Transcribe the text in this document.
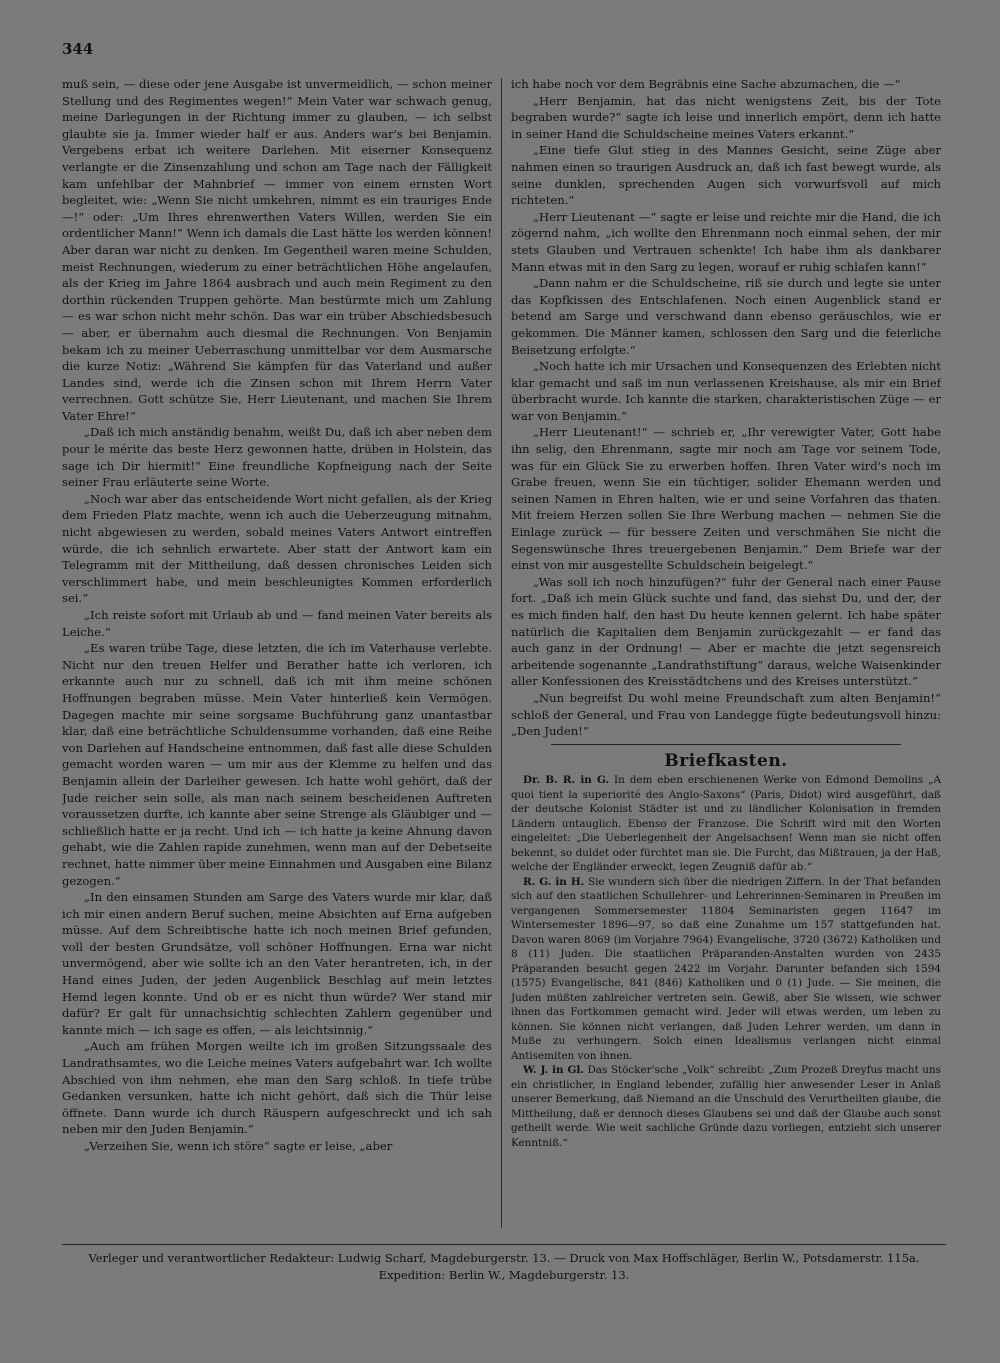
344

muß sein, — diese oder jene Ausgabe ist unvermeidlich, — schon meiner Stellung und des Regimentes wegen!“ Mein Vater war schwach genug, meine Darlegungen in der Richtung immer zu glauben, — ich selbst glaubte sie ja. Immer wieder half er aus. Anders war's bei Benjamin. Vergebens erbat ich weitere Darlehen. Mit eiserner Konsequenz verlangte er die Zinsenzahlung und schon am Tage nach der Fälligkeit kam unfehlbar der Mahnbrief — immer von einem ernsten Wort begleitet, wie: „Wenn Sie nicht umkehren, nimmt es ein trauriges Ende —!“ oder: „Um Ihres ehrenwerthen Vaters Willen, werden Sie ein ordentlicher Mann!“ Wenn ich damals die Last hätte los werden können! Aber daran war nicht zu denken. Im Gegentheil waren meine Schulden, meist Rechnungen, wiederum zu einer beträchtlichen Höhe angelaufen, als der Krieg im Jahre 1864 ausbrach und auch mein Regiment zu den dorthin rückenden Truppen gehörte. Man bestürmte mich um Zahlung — es war schon nicht mehr schön. Das war ein trüber Abschiedsbesuch — aber, er übernahm auch diesmal die Rechnungen. Von Benjamin bekam ich zu meiner Ueberraschung unmittelbar vor dem Ausmarsche die kurze Notiz: „Während Sie kämpfen für das Vaterland und außer Landes sind, werde ich die Zinsen schon mit Ihrem Herrn Vater verrechnen. Gott schütze Sie, Herr Lieutenant, und machen Sie Ihrem Vater Ehre!“

„Daß ich mich anständig benahm, weißt Du, daß ich aber neben dem pour le mérite das beste Herz gewonnen hatte, drüben in Holstein, das sage ich Dir hiermit!“ Eine freundliche Kopfneigung nach der Seite seiner Frau erläuterte seine Worte.

„Noch war aber das entscheidende Wort nicht gefallen, als der Krieg dem Frieden Platz machte, wenn ich auch die Ueberzeugung mitnahm, nicht abgewiesen zu werden, sobald meines Vaters Antwort eintreffen würde, die ich sehnlich erwartete. Aber statt der Antwort kam ein Telegramm mit der Mittheilung, daß dessen chronisches Leiden sich verschlimmert habe, und mein beschleunigtes Kommen erforderlich sei.“

„Ich reiste sofort mit Urlaub ab und — fand meinen Vater bereits als Leiche.“

„Es waren trübe Tage, diese letzten, die ich im Vaterhause verlebte. Nicht nur den treuen Helfer und Berather hatte ich verloren, ich erkannte auch nur zu schnell, daß ich mit ihm meine schönen Hoffnungen begraben müsse. Mein Vater hinterließ kein Vermögen. Dagegen machte mir seine sorgsame Buchführung ganz unantastbar klar, daß eine beträchtliche Schuldensumme vorhanden, daß eine Reihe von Darlehen auf Handscheine entnommen, daß fast alle diese Schulden gemacht worden waren — um mir aus der Klemme zu helfen und das Benjamin allein der Darleiher gewesen. Ich hatte wohl gehört, daß der Jude reicher sein solle, als man nach seinem bescheidenen Auftreten voraussetzen durfte, ich kannte aber seine Strenge als Gläubiger und — schließlich hatte er ja recht. Und ich — ich hatte ja keine Ahnung davon gehabt, wie die Zahlen rapide zunehmen, wenn man auf der Debetseite rechnet, hatte nimmer über meine Einnahmen und Ausgaben eine Bilanz gezogen.“

„In den einsamen Stunden am Sarge des Vaters wurde mir klar, daß ich mir einen andern Beruf suchen, meine Absichten auf Erna aufgeben müsse. Auf dem Schreibtische hatte ich noch meinen Brief gefunden, voll der besten Grundsätze, voll schöner Hoffnungen. Erna war nicht unvermögend, aber wie sollte ich an den Vater herantreten, ich, in der Hand eines Juden, der jeden Augenblick Beschlag auf mein letztes Hemd legen konnte. Und ob er es nicht thun würde? Wer stand mir dafür? Er galt für unnachsichtig schlechten Zahlern gegenüber und kannte mich — ich sage es offen, — als leichtsinnig.“

„Auch am frühen Morgen weilte ich im großen Sitzungssaale des Landrathsamtes, wo die Leiche meines Vaters aufgebahrt war. Ich wollte Abschied von ihm nehmen, ehe man den Sarg schloß. In tiefe trübe Gedanken versunken, hatte ich nicht gehört, daß sich die Thür leise öffnete. Dann wurde ich durch Räuspern aufgeschreckt und ich sah neben mir den Juden Benjamin.“

„Verzeihen Sie, wenn ich störe“ sagte er leise, „aber

ich habe noch vor dem Begräbnis eine Sache abzumachen, die —“

„Herr Benjamin, hat das nicht wenigstens Zeit, bis der Tote begraben wurde?“ sagte ich leise und innerlich empört, denn ich hatte in seiner Hand die Schuldscheine meines Vaters erkannt.“

„Eine tiefe Glut stieg in des Mannes Gesicht, seine Züge aber nahmen einen so traurigen Ausdruck an, daß ich fast bewegt wurde, als seine dunklen, sprechenden Augen sich vorwurfsvoll auf mich richteten.“

„Herr Lieutenant —“ sagte er leise und reichte mir die Hand, die ich zögernd nahm, „ich wollte den Ehrenmann noch einmal sehen, der mir stets Glauben und Vertrauen schenkte! Ich habe ihm als dankbarer Mann etwas mit in den Sarg zu legen, worauf er ruhig schlafen kann!“

„Dann nahm er die Schuldscheine, riß sie durch und legte sie unter das Kopfkissen des Entschlafenen. Noch einen Augenblick stand er betend am Sarge und verschwand dann ebenso geräuschlos, wie er gekommen. Die Männer kamen, schlossen den Sarg und die feierliche Beisetzung erfolgte.“

„Noch hatte ich mir Ursachen und Konsequenzen des Erlebten nicht klar gemacht und saß im nun verlassenen Kreishause, als mir ein Brief überbracht wurde. Ich kannte die starken, charakteristischen Züge — er war von Benjamin.“

„Herr Lieutenant!“ — schrieb er, „Ihr verewigter Vater, Gott habe ihn selig, den Ehrenmann, sagte mir noch am Tage vor seinem Tode, was für ein Glück Sie zu erwerben hoffen. Ihren Vater wird's noch im Grabe freuen, wenn Sie ein tüchtiger, solider Ehemann werden und seinen Namen in Ehren halten, wie er und seine Vorfahren das thaten. Mit freiem Herzen sollen Sie Ihre Werbung machen — nehmen Sie die Einlage zurück — für bessere Zeiten und verschmähen Sie nicht die Segenswünsche Ihres treuergebenen Benjamin.“ Dem Briefe war der einst von mir ausgestellte Schuldschein beigelegt.“

„Was soll ich noch hinzufügen?“ fuhr der General nach einer Pause fort. „Daß ich mein Glück suchte und fand, das siehst Du, und der, der es mich finden half, den hast Du heute kennen gelernt. Ich habe später natürlich die Kapitalien dem Benjamin zurückgezahlt — er fand das auch ganz in der Ordnung! — Aber er machte die jetzt segensreich arbeitende sogenannte „Landrathstiftung“ daraus, welche Waisenkinder aller Konfessionen des Kreisstädtchens und des Kreises unterstützt.“

„Nun begreifst Du wohl meine Freundschaft zum alten Benjamin!“ schloß der General, und Frau von Landegge fügte bedeutungsvoll hinzu: „Den Juden!“

Briefkasten.

Dr. B. R. in G. In dem eben erschienenen Werke von Edmond Demolins „A quoi tient la superiorité des Anglo-Saxons“ (Paris, Didot) wird ausgeführt, daß der deutsche Kolonist Städter ist und zu ländlicher Kolonisation in fremden Ländern untauglich. Ebenso der Franzose. Die Schrift wird mit den Worten eingeleitet: „Die Ueberlegenheit der Angelsachsen! Wenn man sie nicht offen bekennt, so duldet oder fürchtet man sie. Die Furcht, das Mißtrauen, ja der Haß, welche der Engländer erweckt, legen Zeugniß dafür ab.“

R. G. in H. Sie wundern sich über die niedrigen Ziffern. In der That befanden sich auf den staatlichen Schullehrer- und Lehrerinnen-Seminaren in Preußen im vergangenen Sommersemester 11804 Seminaristen gegen 11647 im Wintersemester 1896—97, so daß eine Zunahme um 157 stattgefunden hat. Davon waren 8069 (im Vorjahre 7964) Evangelische, 3720 (3672) Katholiken und 8 (11) Juden. Die staatlichen Präparanden-Anstalten wurden von 2435 Präparanden besucht gegen 2422 im Vorjahr. Darunter befanden sich 1594 (1575) Evangelische, 841 (846) Katholiken und 0 (1) Jude. — Sie meinen, die Juden müßten zahlreicher vertreten sein. Gewiß, aber Sie wissen, wie schwer ihnen das Fortkommen gemacht wird. Jeder will etwas werden, um leben zu können. Sie können nicht verlangen, daß Juden Lehrer werden, um dann in Muße zu verhungern. Solch einen Idealismus verlangen nicht einmal Antisemiten von ihnen.

W. J. in Gl. Das Stöcker'sche „Volk“ schreibt: „Zum Prozeß Dreyfus macht uns ein christlicher, in England lebender, zufällig hier anwesender Leser in Anlaß unserer Bemerkung, daß Niemand an die Unschuld des Verurtheilten glaube, die Mittheilung, daß er dennoch dieses Glaubens sei und daß der Glaube auch sonst getheilt werde. Wie weit sachliche Gründe dazu vorliegen, entzieht sich unserer Kenntniß.“

Verleger und verantwortlicher Redakteur: Ludwig Scharf, Magdeburgerstr. 13. — Druck von Max Hoffschläger, Berlin W., Potsdamerstr. 115a.
Expedition: Berlin W., Magdeburgerstr. 13.
